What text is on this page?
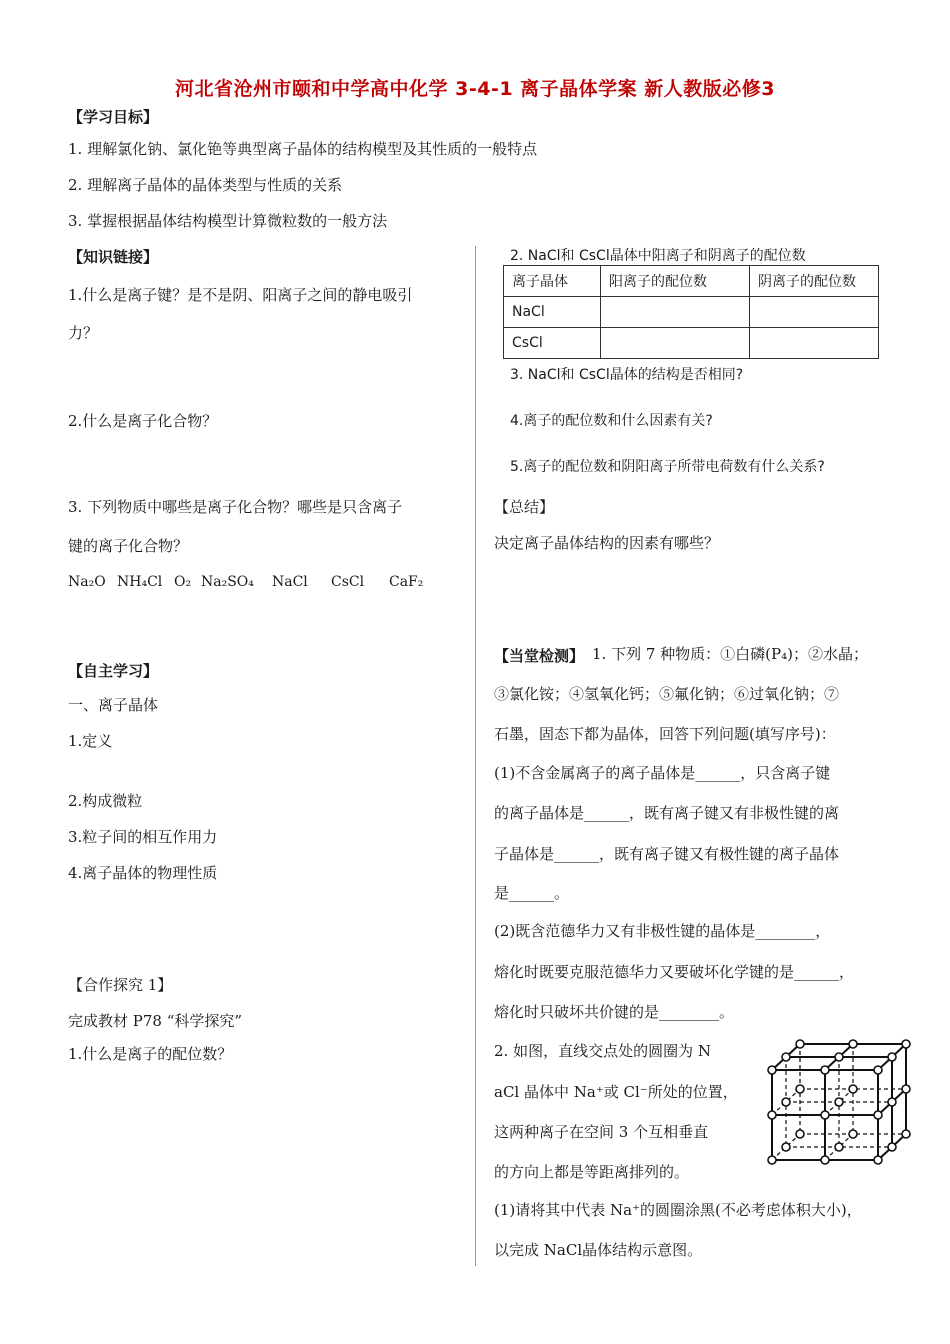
河北省沧州市颐和中学高中化学 3-4-1 离子晶体学案 新人教版必修3
【学习目标】
1. 理解氯化钠、氯化铯等典型离子晶体的结构模型及其性质的一般特点
2. 理解离子晶体的晶体类型与性质的关系
3. 掌握根据晶体结构模型计算微粒数的一般方法
【知识链接】
1.什么是离子键？是不是阴、阳离子之间的静电吸引
力？
2.什么是离子化合物？
3. 下列物质中哪些是离子化合物？哪些是只含离子
键的离子化合物？
Na₂O NH₄Cl O₂ Na₂SO₄ NaCl CsCl CaF₂
【自主学习】
一、离子晶体
1.定义
2.构成微粒
3.粒子间的相互作用力
4.离子晶体的物理性质
【合作探究 1】
完成教材 P78 “科学探究”
1.什么是离子的配位数？
2. NaCl和 CsCl晶体中阳离子和阴离子的配位数
离子晶体	阳离子的配位数	阴离子的配位数
NaCl		
CsCl		
3. NaCl和 CsCl晶体的结构是否相同?
4.离子的配位数和什么因素有关?
5.离子的配位数和阴阳离子所带电荷数有什么关系?
【总结】
决定离子晶体结构的因素有哪些？
【当堂检测】 1. 下列 7 种物质：①白磷(P₄)；②水晶；
③氯化铵；④氢氧化钙；⑤氟化钠；⑥过氧化钠；⑦
石墨，固态下都为晶体，回答下列问题(填写序号)：
(1)不含金属离子的离子晶体是______，只含离子键
的离子晶体是______，既有离子键又有非极性键的离
子晶体是______，既有离子键又有极性键的离子晶体
是______。
(2)既含范德华力又有非极性键的晶体是________，
熔化时既要克服范德华力又要破坏化学键的是______，
熔化时只破坏共价键的是________。
2. 如图，直线交点处的圆圈为 N
aCl 晶体中 Na⁺或 Cl⁻所处的位置，
这两种离子在空间 3 个互相垂直
的方向上都是等距离排列的。
(1)请将其中代表 Na⁺的圆圈涂黑(不必考虑体积大小)，
以完成 NaCl晶体结构示意图。
